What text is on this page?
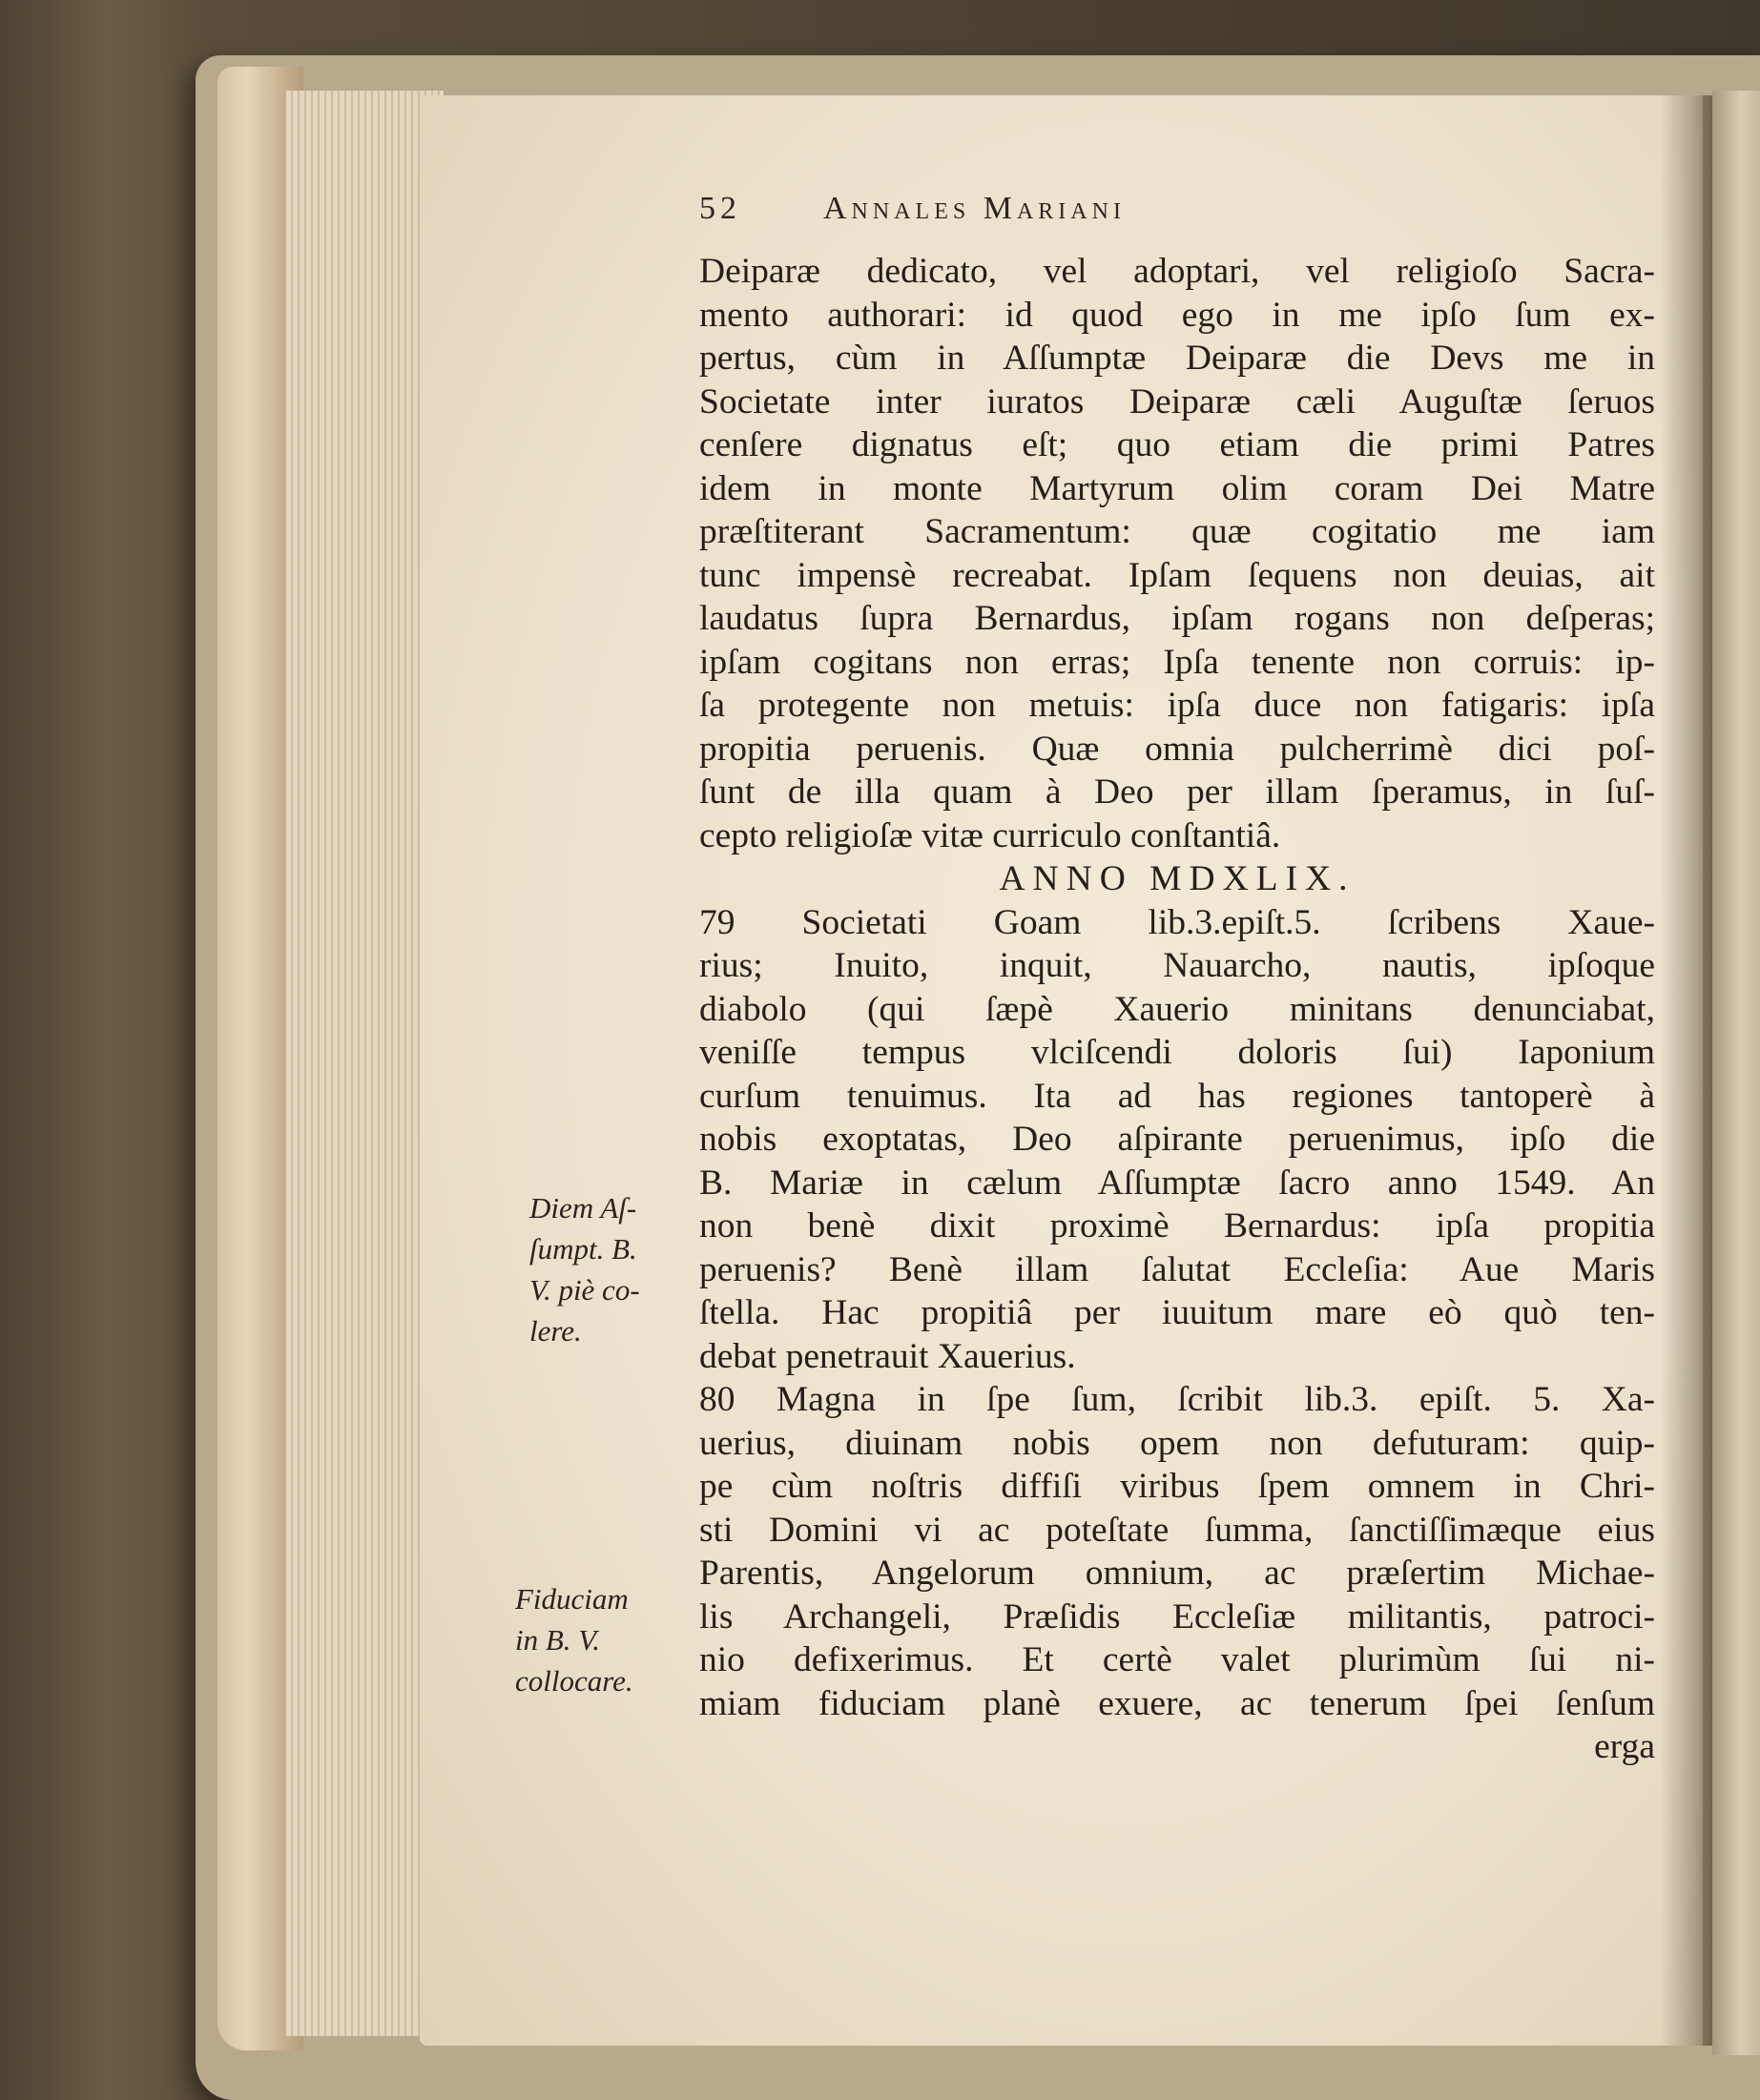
52	Annales Mariani
Deiparæ dedicato, vel adoptari, vel religioſo Sacra-
mento authorari: id quod ego in me ipſo ſum ex-
pertus, cùm in Aſſumptæ Deiparæ die Devs me in
Societate inter iuratos Deiparæ cæli Auguſtæ ſeruos
cenſere dignatus eſt; quo etiam die primi Patres
idem in monte Martyrum olim coram Dei Matre
præſtiterant Sacramentum: quæ cogitatio me iam
tunc impensè recreabat. Ipſam ſequens non deuias, ait
laudatus ſupra Bernardus, ipſam rogans non deſperas;
ipſam cogitans non erras; Ipſa tenente non corruis: ip-
ſa protegente non metuis: ipſa duce non fatigaris: ipſa
propitia peruenis. Quæ omnia pulcherrimè dici poſ-
ſunt de illa quam à Deo per illam ſperamus, in ſuſ-
cepto religioſæ vitæ curriculo conſtantiâ.
ANNO MDXLIX.
79 Societati Goam lib.3.epiſt.5. ſcribens Xaue-
rius; Inuito, inquit, Nauarcho, nautis, ipſoque
diabolo (qui ſæpè Xauerio minitans denunciabat,
veniſſe tempus vlciſcendi doloris ſui) Iaponium
curſum tenuimus. Ita ad has regiones tantoperè à
nobis exoptatas, Deo aſpirante peruenimus, ipſo die
B. Mariæ in cælum Aſſumptæ ſacro anno 1549. An
non benè dixit proximè Bernardus: ipſa propitia
peruenis? Benè illam ſalutat Eccleſia: Aue Maris
ſtella. Hac propitiâ per iuuitum mare eò quò ten-
debat penetrauit Xauerius.
80 Magna in ſpe ſum, ſcribit lib.3. epiſt. 5. Xa-
uerius, diuinam nobis opem non defuturam: quip-
pe cùm noſtris diffiſi viribus ſpem omnem in Chri-
sti Domini vi ac poteſtate ſumma, ſanctiſſimæque eius
Parentis, Angelorum omnium, ac præſertim Michae-
lis Archangeli, Præſidis Eccleſiæ militantis, patroci-
nio defixerimus. Et certè valet plurimùm ſui ni-
miam fiduciam planè exuere, ac tenerum ſpei ſenſum
erga
Diem Aſ-
ſumpt. B.
V. piè co-
lere.
Fiduciam
in B. V.
collocare.
